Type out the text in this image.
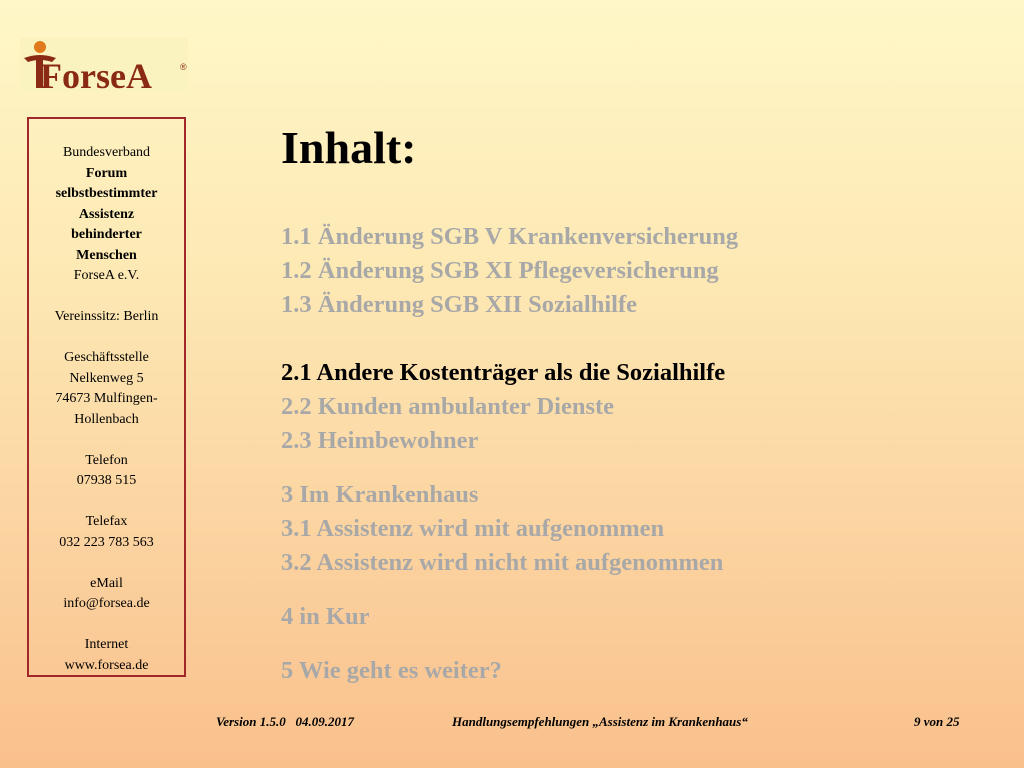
ForseA	®
Bundesverband
Forum
selbstbestimmter
Assistenz
behinderter
Menschen
ForseA e.V.
Vereinssitz: Berlin
Geschäftsstelle
Nelkenweg 5
74673 Mulfingen-
Hollenbach
Telefon
07938 515
Telefax
032 223 783 563
eMail
info@forsea.de
Internet
www.forsea.de
Inhalt:
1.1 Änderung SGB V Krankenversicherung
1.2 Änderung SGB XI Pflegeversicherung
1.3 Änderung SGB XII Sozialhilfe
2.1 Andere Kostenträger als die Sozialhilfe
2.2 Kunden ambulanter Dienste
2.3 Heimbewohner
3 Im Krankenhaus
3.1 Assistenz wird mit aufgenommen
3.2 Assistenz wird nicht mit aufgenommen
4 in Kur
5 Wie geht es weiter?
Version 1.5.0   04.09.2017	Handlungsempfehlungen „Assistenz im Krankenhaus“	9 von 25
